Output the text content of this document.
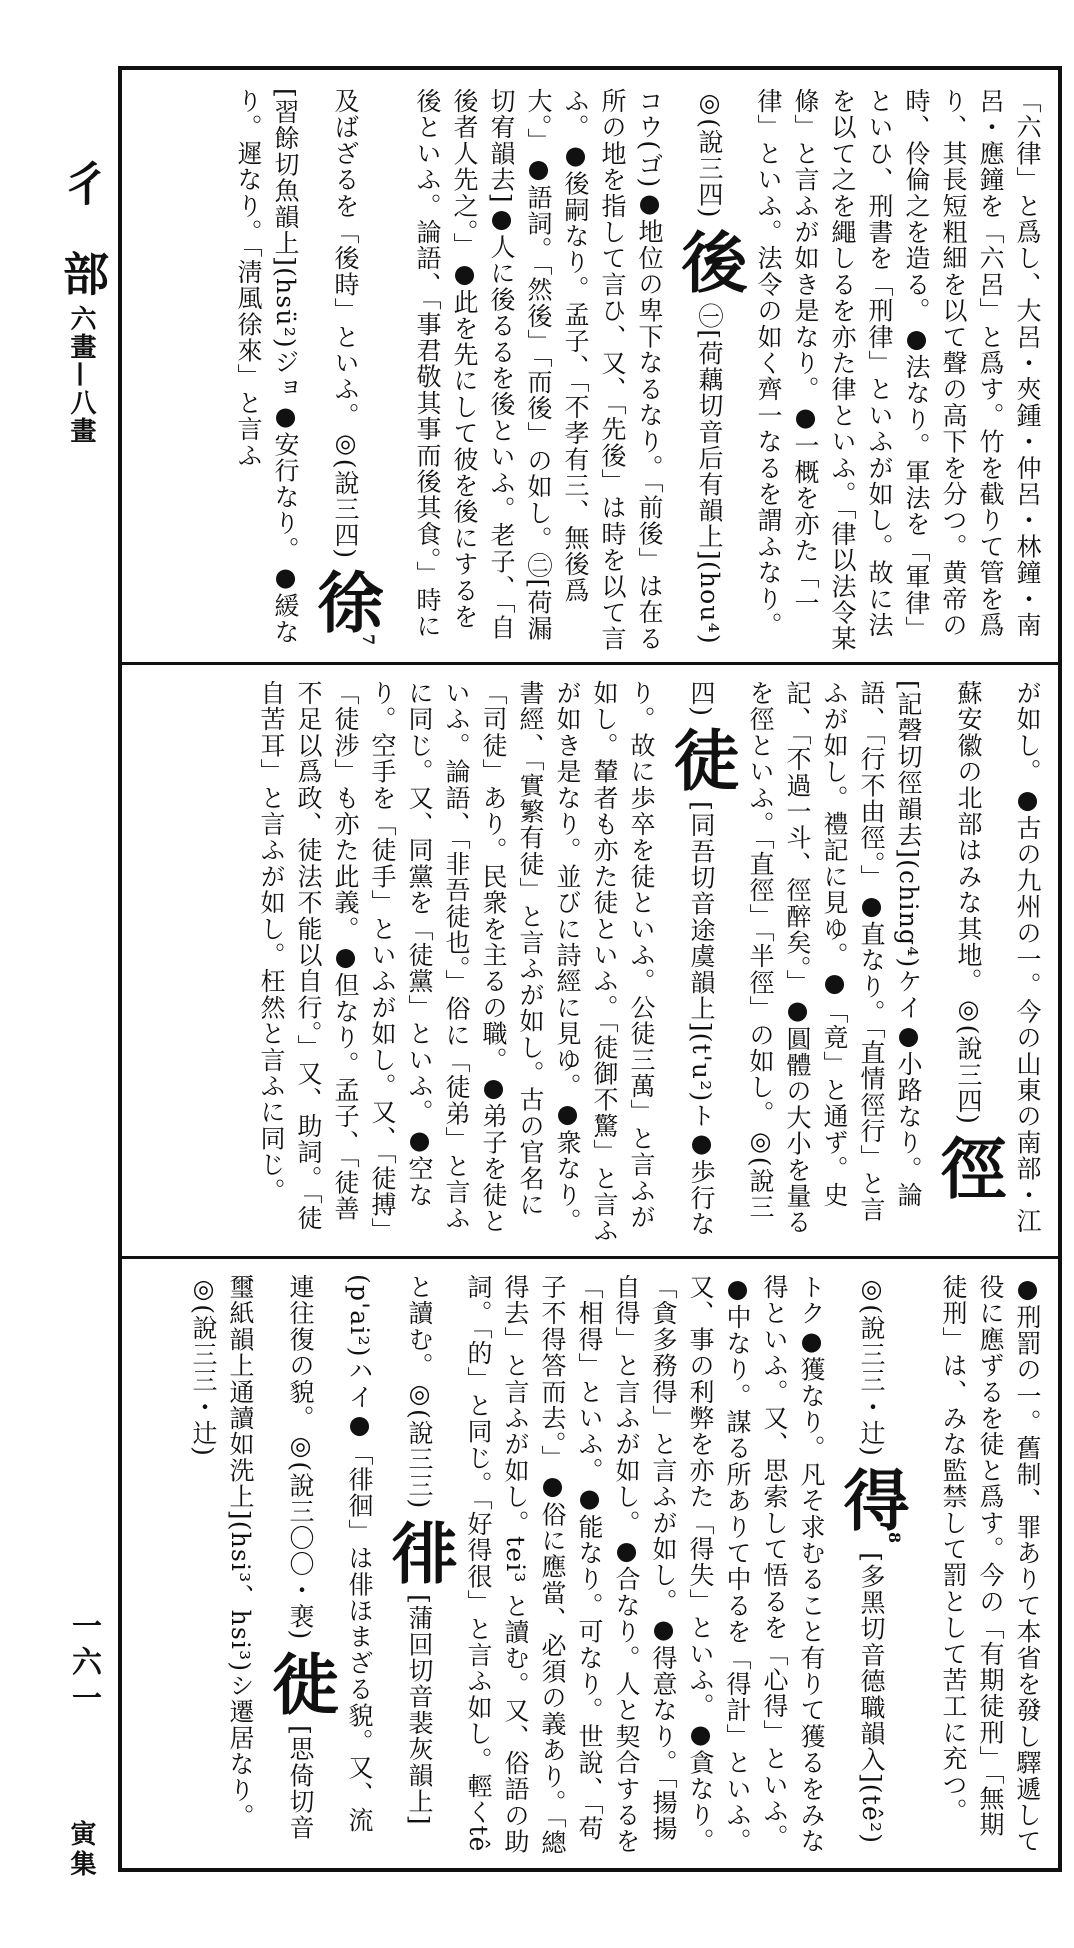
彳 部
六畫—八畫
一六一
寅集
「六律」と爲し、大呂・夾鍾・仲呂・林鐘・南呂・應鐘を「六呂」と爲す。竹を截りて管を爲り、其長短粗細を以て聲の高下を分つ。黄帝の時、伶倫之を造る。●法なり。軍法を「軍律」といひ、刑書を「刑律」といふが如し。故に法を以て之を繩しるを亦た律といふ。「律以法令某條」と言ふが如き是なり。●一概を亦た「一律」といふ。法令の如く齊一なるを謂ふなり。◎(說三四) 後 ㊀[荷藕切音后有韻上](hou⁴)コウ(ゴ)●地位の卑下なるなり。「前後」は在る所の地を指して言ひ、又、「先後」は時を以て言ふ。●後嗣なり。孟子、「不孝有三、無後爲大。」●語詞。「然後」「而後」の如し。㊁[荷漏切宥韻去]●人に後るるを後といふ。老子、「自後者人先之。」●此を先にして彼を後にするを後といふ。論語、「事君敬其事而後其食。」時に及ばざるを「後時」といふ。◎(說三四) 徐$^7$ [習餘切魚韻上](hsü²)ジョ●安行なり。●緩なり。遲なり。「淸風徐來」と言ふ
が如し。●古の九州の一。今の山東の南部・江蘇安徽の北部はみな其地。◎(說三四) 徑 [記磬切徑韻去](ching⁴)ケイ●小路なり。論語、「行不由徑。」●直なり。「直情徑行」と言ふが如し。禮記に見ゆ。●「竟」と通ず。史記、「不過一斗、徑醉矣。」●圓體の大小を量るを徑といふ。「直徑」「半徑」の如し。◎(說三四) 徒 [同吾切音途虞韻上](t'u²)ト●歩行なり。故に歩卒を徒といふ。公徒三萬」と言ふが如し。輦者も亦た徒といふ。「徒御不驚」と言ふが如き是なり。並びに詩經に見ゆ。●衆なり。書經、「實繁有徒」と言ふが如し。古の官名に「司徒」あり。民衆を主るの職。●弟子を徒といふ。論語、「非吾徒也。」俗に「徒弟」と言ふに同じ。又、同黨を「徒黨」といふ。●空なり。空手を「徒手」といふが如し。又、「徒搏」「徒涉」も亦た此義。●但なり。孟子、「徒善不足以爲政、徒法不能以自行。」又、助詞。「徒自苦耳」と言ふが如し。枉然と言ふに同じ。
●刑罰の一。舊制、罪ありて本省を發し驛遞して役に應ずるを徒と爲す。今の「有期徒刑」「無期徒刑」は、みな監禁して罰として苦工に充つ。◎(說三三・辻) 得$^8$ [多黑切音德職韻入](tê²)トク●獲なり。凡そ求むること有りて獲るをみな得といふ。又、思索して悟るを「心得」といふ。●中なり。謀る所ありて中るを「得計」といふ。又、事の利弊を亦た「得失」といふ。●貪なり。「貪多務得」と言ふが如し。●得意なり。「揚揚自得」と言ふが如し。●合なり。人と契合するを「相得」といふ。●能なり。可なり。世說、「苟子不得答而去。」●俗に應當、必須の義あり。「總得去」と言ふが如し。tei³ と讀む。又、俗語の助詞。「的」と同じ。「好得很」と言ふ如し。輕くtê と讀む。◎(說三三) 徘 [蒲回切音裴灰韻上](p'ai²)ハイ●「徘徊」は俳ほまざる貌。又、流連往復の貌。◎(說三〇〇・裵) 徙 [思倚切音璽紙韻上通讀如洗上](hsi³、hsi³)シ遷居なり。◎(說三三・辻)
